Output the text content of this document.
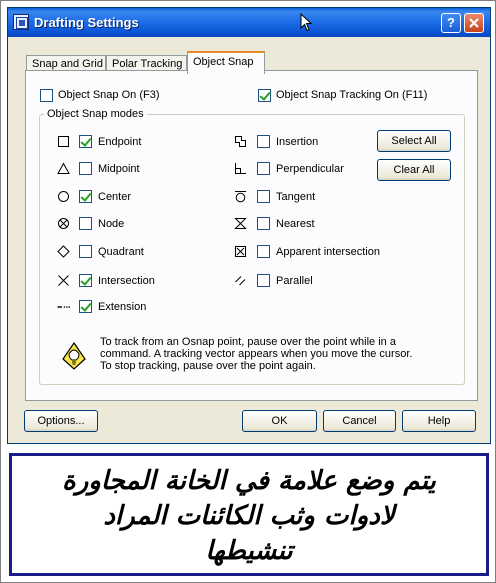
Drafting Settings	?
Snap and Grid Polar Tracking Object Snap
Object Snap On (F3)	Object Snap Tracking On (F11)
Object Snap modes
Endpoint
Midpoint
Center
Node
Quadrant
Intersection
Extension
Insertion
Perpendicular
Tangent
Nearest
Apparent intersection
Parallel
Select All
Clear All
To track from an Osnap point, pause over the point while in a
command. A tracking vector appears when you move the cursor.
To stop tracking, pause over the point again.
Options...	OK	Cancel	Help
يتم وضع علامة في الخانة المجاورة
لادوات وثب الكائنات المراد
تنشيطها
